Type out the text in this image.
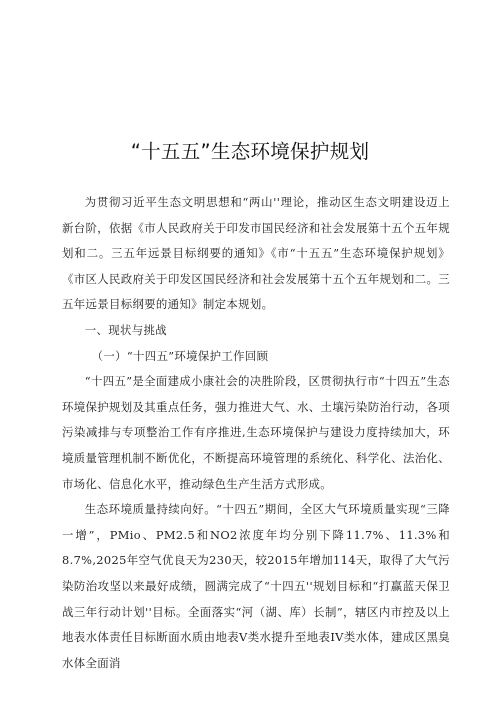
“十五五”生态环境保护规划

为贯彻习近平生态文明思想和“两山''理论，推动区生态文明建设迈上新台阶，依据《市人民政府关于印发市国民经济和社会发展第十五个五年规划和二。三五年远景目标纲要的通知》《市“十五五”生态环境保护规划》《市区人民政府关于印发区国民经济和社会发展第十五个五年规划和二。三五年远景目标纲要的通知》制定本规划。

一、现状与挑战

（一）“十四五”环境保护工作回顾

“十四五”是全面建成小康社会的决胜阶段，区贯彻执行市“十四五”生态环境保护规划及其重点任务，强力推进大气、水、土壤污染防治行动，各项污染减排与专项整治工作有序推进,生态环境保护与建设力度持续加大，环境质量管理机制不断优化，不断提高环境管理的系统化、科学化、法治化、市场化、信息化水平，推动绿色生产生活方式形成。

生态环境质量持续向好。“十四五”期间，全区大气环境质量实现“三降一增”，PMio、PM2.5和NO2浓度年均分别下降11.7%、11.3%和8.7%,2025年空气优良天为230天，较2015年增加114天，取得了大气污染防治攻坚以来最好成绩，圆满完成了“十四五''规划目标和“打赢蓝天保卫战三年行动计划''目标。全面落实“河（湖、库）长制”，辖区内市控及以上地表水体责任目标断面水质由地表V类水提升至地表IV类水体，建成区黑臭水体全面消
